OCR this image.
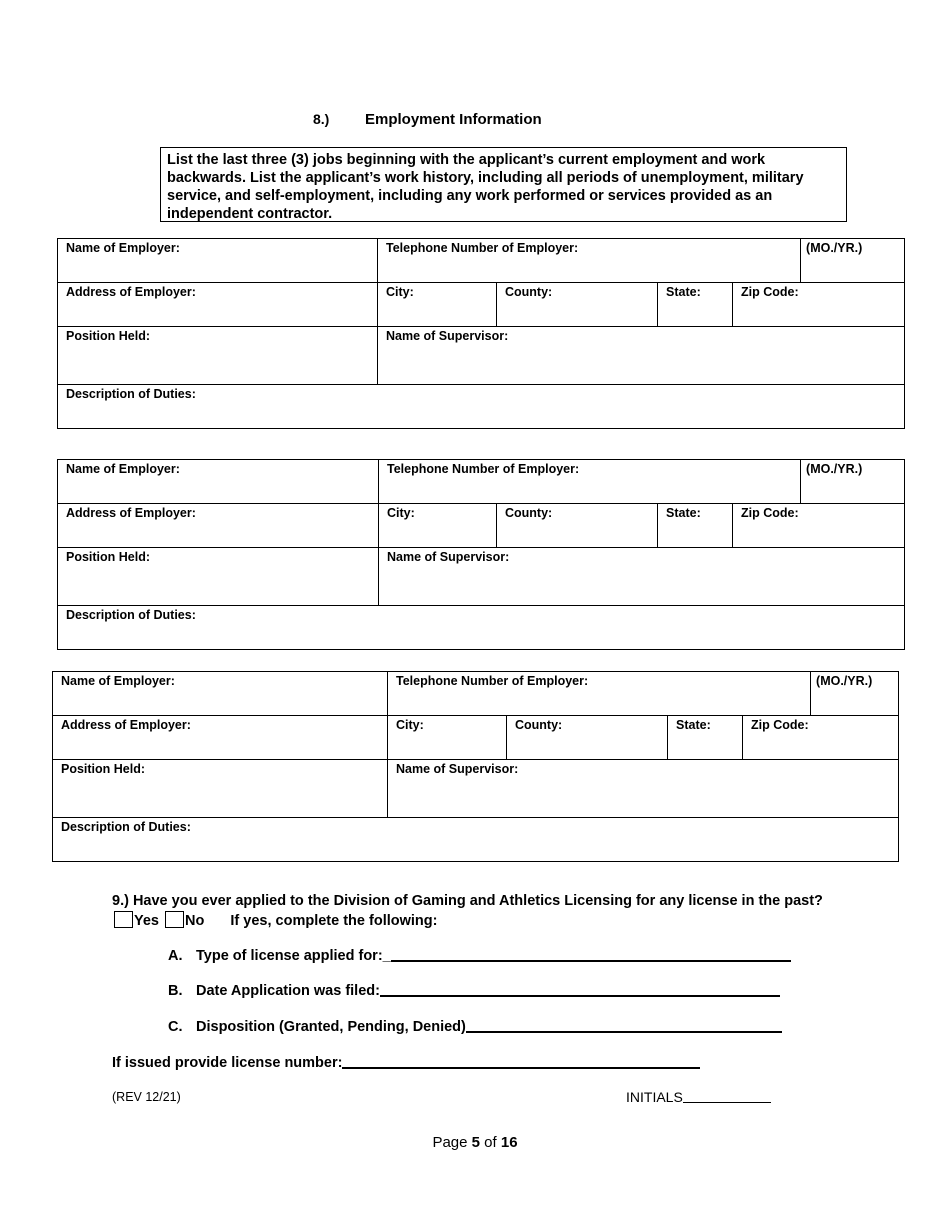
8.) Employment Information
List the last three (3) jobs beginning with the applicant’s current employment and work backwards. List the applicant’s work history, including all periods of unemployment, military service, and self-employment, including any work performed or services provided as an independent contractor.
Name of Employer:	Telephone Number of Employer:				(MO./YR.)
Address of Employer:	City:	County:	State:	Zip Code:	
Position Held:	Name of Supervisor:				
Description of Duties:					
Name of Employer:	Telephone Number of Employer:				(MO./YR.)
Address of Employer:	City:	County:	State:	Zip Code:	
Position Held:	Name of Supervisor:				
Description of Duties:					
Name of Employer:	Telephone Number of Employer:				(MO./YR.)
Address of Employer:	City:	County:	State:	Zip Code:	
Position Held:	Name of Supervisor:				
Description of Duties:					
9.) Have you ever applied to the Division of Gaming and Athletics Licensing for any license in the past? Yes No If yes, complete the following:
A. Type of license applied for:_
B. Date Application was filed:
C. Disposition (Granted, Pending, Denied)
If issued provide license number:
(REV 12/21)	INITIALS
Page 5 of 16
